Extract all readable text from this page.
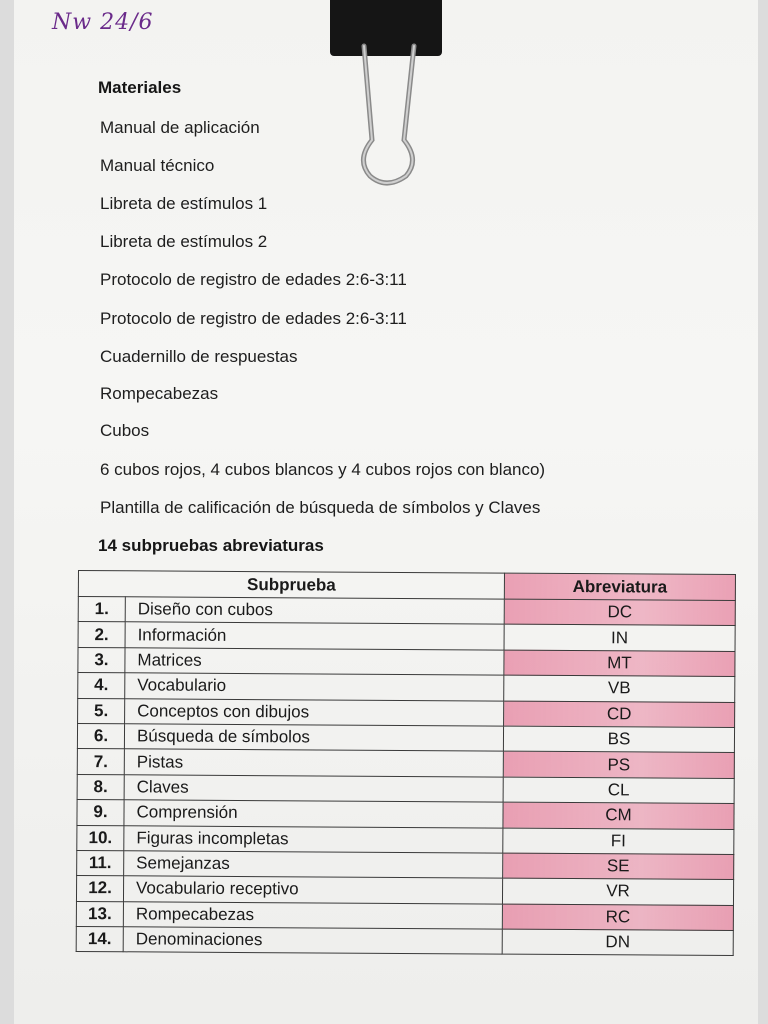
Nw 24/6
Materiales
Manual de aplicación
Manual técnico
Libreta de estímulos 1
Libreta de estímulos 2
Protocolo de registro de edades 2:6-3:11
Protocolo de registro de edades 2:6-3:11
Cuadernillo de respuestas
Rompecabezas
Cubos
6 cubos rojos, 4 cubos blancos y 4 cubos rojos con blanco)
Plantilla de calificación de búsqueda de símbolos y Claves
14 subpruebas abreviaturas
Subprueba		Abreviatura
1.	Diseño con cubos	DC
2.	Información	IN
3.	Matrices	MT
4.	Vocabulario	VB
5.	Conceptos con dibujos	CD
6.	Búsqueda de símbolos	BS
7.	Pistas	PS
8.	Claves	CL
9.	Comprensión	CM
10.	Figuras incompletas	FI
11.	Semejanzas	SE
12.	Vocabulario receptivo	VR
13.	Rompecabezas	RC
14.	Denominaciones	DN
